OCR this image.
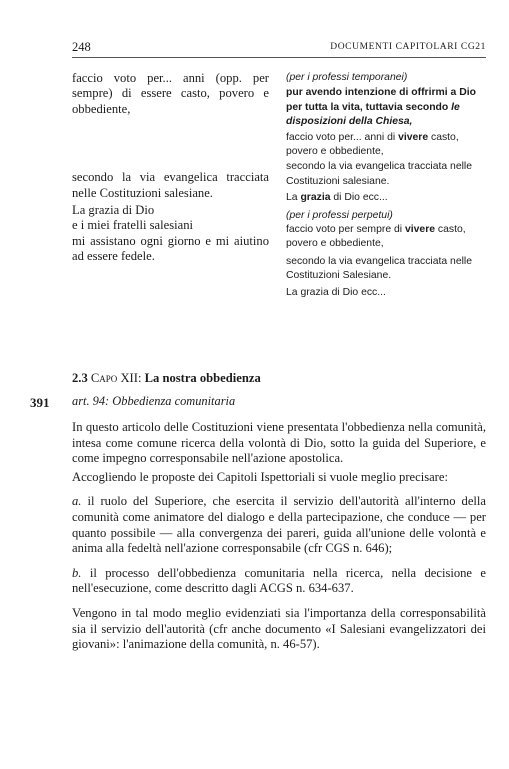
248	DOCUMENTI CAPITOLARI CG21

faccio voto per... anni (opp. per sempre) di essere casto, povero e obbediente,

secondo la via evangelica tracciata nelle Costituzioni salesiane.

La grazia di Dio

e i miei fratelli salesiani

mi assistano ogni giorno e mi aiutino ad essere fedele.

(per i professi temporanei)

pur avendo intenzione di offrirmi a Dio per tutta la vita, tuttavia secondo le disposizioni della Chiesa,

faccio voto per... anni di vivere casto, povero e obbediente,

secondo la via evangelica tracciata nelle Costituzioni salesiane.

La grazia di Dio ecc...

(per i professi perpetui)

faccio voto per sempre di vivere casto, povero e obbediente,

secondo la via evangelica tracciata nelle Costituzioni Salesiane.

La grazia di Dio ecc...

2.3 Capo XII: La nostra obbedienza
391 art. 94: Obbedienza comunitaria

In questo articolo delle Costituzioni viene presentata l'obbedienza nella comunità, intesa come comune ricerca della volontà di Dio, sotto la guida del Superiore, e come impegno corresponsabile nell'azione apostolica.

Accogliendo le proposte dei Capitoli Ispettoriali si vuole meglio precisare:

a. il ruolo del Superiore, che esercita il servizio dell'autorità all'interno della comunità come animatore del dialogo e della partecipazione, che conduce — per quanto possibile — alla convergenza dei pareri, guida all'unione delle volontà e anima alla fedeltà nell'azione corresponsabile (cfr CGS n. 646);

b. il processo dell'obbedienza comunitaria nella ricerca, nella decisione e nell'esecuzione, come descritto dagli ACGS n. 634-637.

Vengono in tal modo meglio evidenziati sia l'importanza della corresponsabilità sia il servizio dell'autorità (cfr anche documento «I Salesiani evangelizzatori dei giovani»: l'animazione della comunità, n. 46-57).
